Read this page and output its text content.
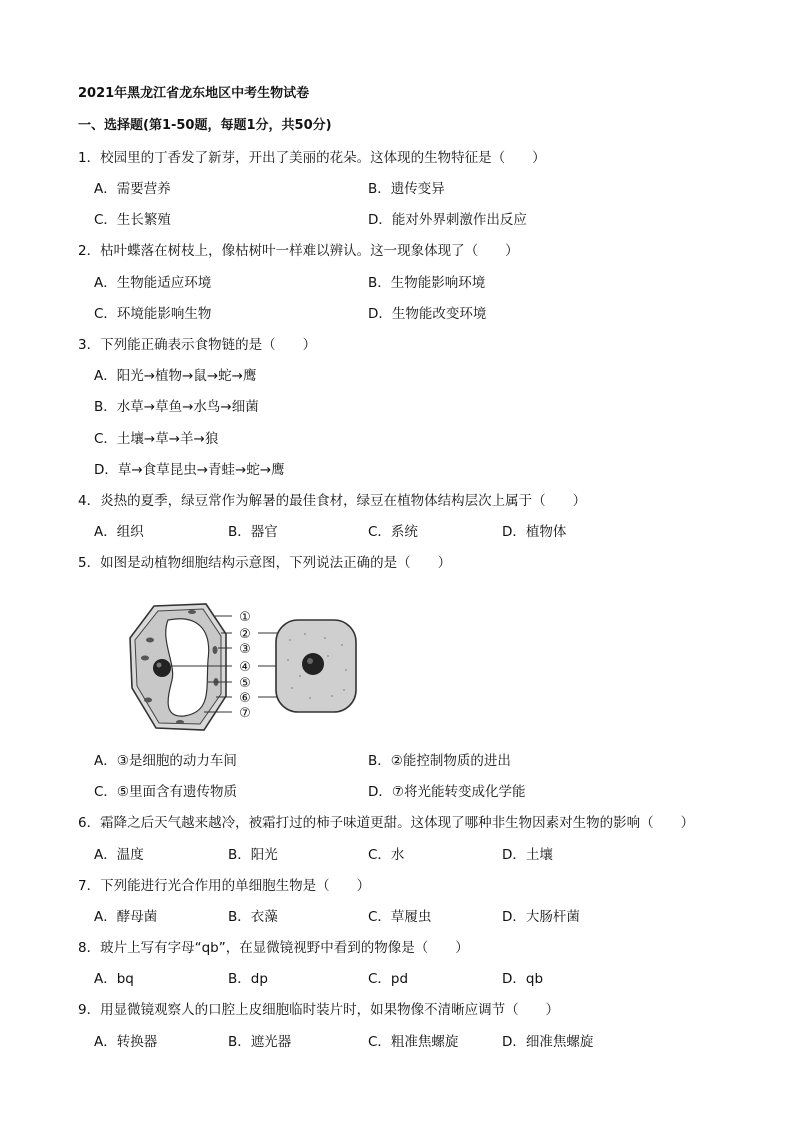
2021年黑龙江省龙东地区中考生物试卷
一、选择题(第1-50题，每题1分，共50分)
1．校园里的丁香发了新芽，开出了美丽的花朵。这体现的生物特征是（　　）
A．需要营养	B．遗传变异
C．生长繁殖	D．能对外界刺激作出反应
2．枯叶蝶落在树枝上，像枯树叶一样难以辨认。这一现象体现了（　　）
A．生物能适应环境	B．生物能影响环境
C．环境能影响生物	D．生物能改变环境
3．下列能正确表示食物链的是（　　）
A．阳光→植物→鼠→蛇→鹰
B．水草→草鱼→水鸟→细菌
C．土壤→草→羊→狼
D．草→食草昆虫→青蛙→蛇→鹰
4．炎热的夏季，绿豆常作为解暑的最佳食材，绿豆在植物体结构层次上属于（　　）
A．组织	B．器官	C．系统	D．植物体
5．如图是动植物细胞结构示意图，下列说法正确的是（　　）
①
②
③
④
⑤
⑥
⑦
A．③是细胞的动力车间	B．②能控制物质的进出
C．⑤里面含有遗传物质	D．⑦将光能转变成化学能
6．霜降之后天气越来越冷，被霜打过的柿子味道更甜。这体现了哪种非生物因素对生物的影响（　　）
A．温度	B．阳光	C．水	D．土壤
7．下列能进行光合作用的单细胞生物是（　　）
A．酵母菌	B．衣藻	C．草履虫	D．大肠杆菌
8．玻片上写有字母“qb”，在显微镜视野中看到的物像是（　　）
A．bq	B．dp	C．pd	D．qb
9．用显微镜观察人的口腔上皮细胞临时装片时，如果物像不清晰应调节（　　）
A．转换器	B．遮光器	C．粗准焦螺旋	D．细准焦螺旋
